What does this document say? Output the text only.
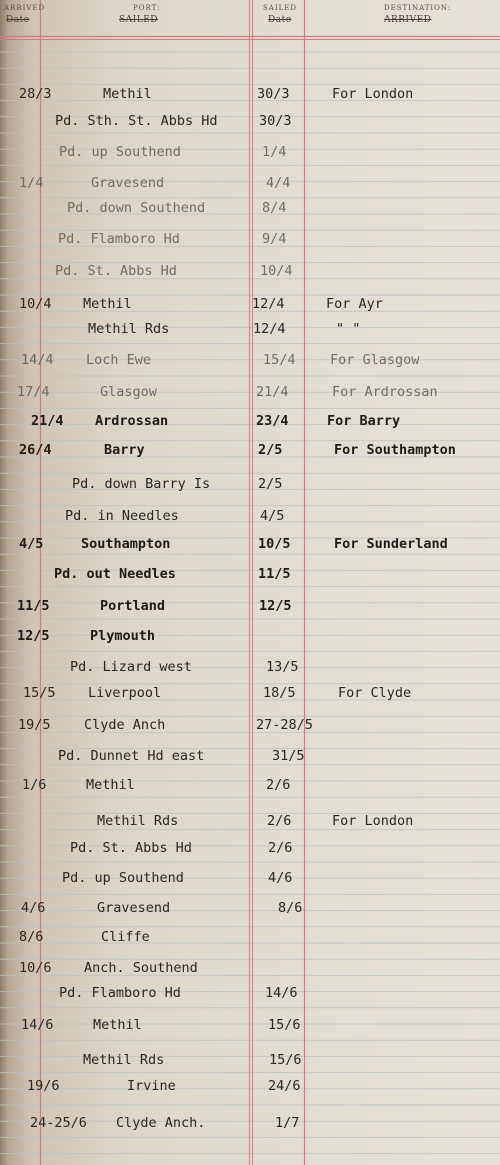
ARRIVED
Date
PORT:
SAILED
SAILED
Date
DESTINATION:
ARRIVED
28/3	Methil	30/3	For London
Pd. Sth. St. Abbs Hd	30/3
Pd. up Southend	1/4
1/4	Gravesend	4/4
Pd. down Southend	8/4
Pd. Flamboro Hd	9/4
Pd. St. Abbs Hd	10/4
10/4 Methil	12/4	For Ayr
Methil Rds	12/4	" "
14/4 Loch Ewe	15/4	For Glasgow
17/4	Glasgow	21/4	For Ardrossan
21/4 Ardrossan	23/4	For Barry
26/4	Barry	2/5	For Southampton
Pd. down Barry Is	2/5
Pd. in Needles	4/5
4/5	Southampton	10/5	For Sunderland
Pd. out Needles	11/5
11/5	Portland	12/5
12/5	Plymouth
Pd. Lizard west	13/5
15/5 Liverpool	18/5	For Clyde
19/5 Clyde Anch	27-28/5
Pd. Dunnet Hd east	31/5
1/6	Methil	2/6
Methil Rds	2/6	For London
Pd. St. Abbs Hd	2/6
Pd. up Southend	4/6
4/6	Gravesend	8/6
8/6	Cliffe
10/6 Anch. Southend
Pd. Flamboro Hd	14/6
14/6	Methil	15/6
Methil Rds	15/6
19/6	Irvine	24/6
24-25/6 Clyde Anch.	1/7
